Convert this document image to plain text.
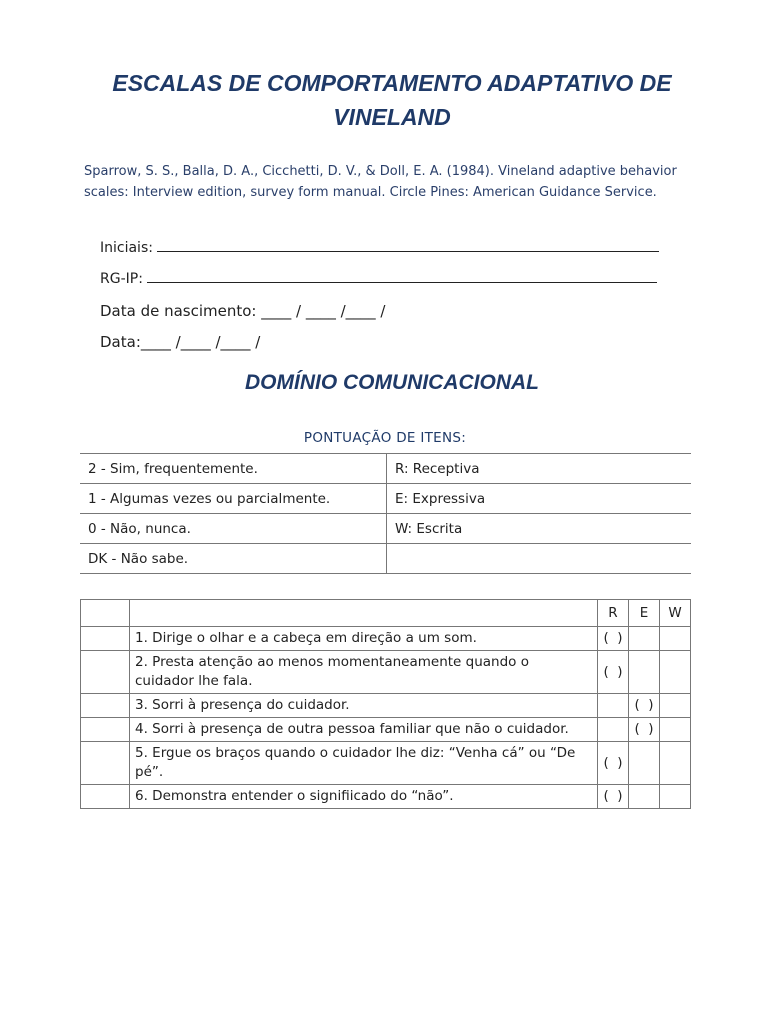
ESCALAS DE COMPORTAMENTO ADAPTATIVO DE VINELAND
Sparrow, S. S., Balla, D. A., Cicchetti, D. V., & Doll, E. A. (1984). Vineland adaptive behavior scales: Interview edition, survey form manual. Circle Pines: American Guidance Service.
Iniciais:
RG-IP:
Data de nascimento: ____ / ____ /____ /
Data:____ /____ /____ /
DOMÍNIO COMUNICACIONAL
PONTUAÇÃO DE ITENS:
2 - Sim, frequentemente.	R: Receptiva
1 - Algumas vezes ou parcialmente.	E: Expressiva
0 - Não, nunca.	W: Escrita
DK - Não sabe.	
		R	E	W
	1. Dirige o olhar e a cabeça em direção a um som.	(  )		
	2. Presta atenção ao menos momentaneamente quando o cuidador lhe fala.	(  )		
	3. Sorri à presença do cuidador.		(  )	
	4. Sorri à presença de outra pessoa familiar que não o cuidador.		(  )	
	5. Ergue os braços quando o cuidador lhe diz: “Venha cá” ou “De pé”.	(  )		
	6. Demonstra entender o signifiicado do “não”.	(  )		
